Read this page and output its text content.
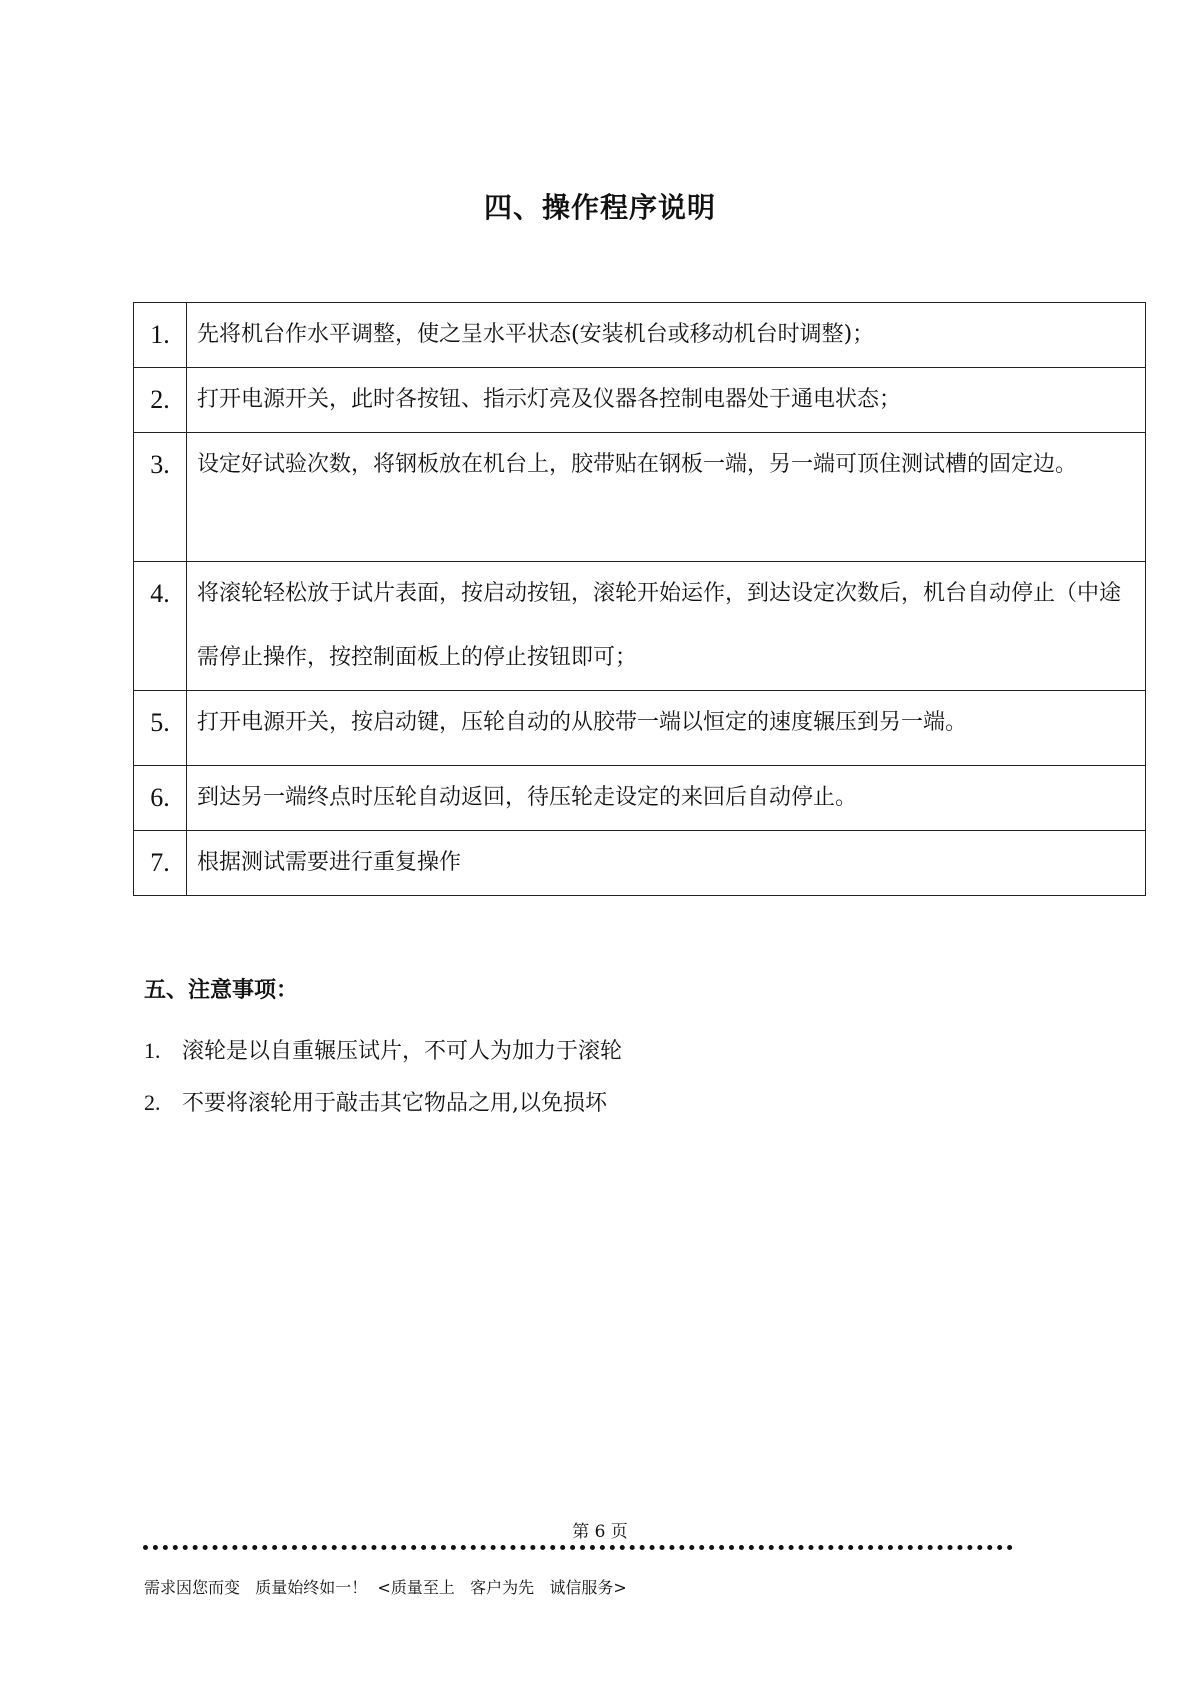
四、操作程序说明
1.	先将机台作水平调整，使之呈水平状态(安装机台或移动机台时调整)；
2.	打开电源开关，此时各按钮、指示灯亮及仪器各控制电器处于通电状态；
3.	设定好试验次数，将钢板放在机台上，胶带贴在钢板一端，另一端可顶住测试槽的固定边。
4.	将滚轮轻松放于试片表面，按启动按钮，滚轮开始运作，到达设定次数后，机台自动停止（中途需停止操作，按控制面板上的停止按钮即可；
5.	打开电源开关，按启动键，压轮自动的从胶带一端以恒定的速度辗压到另一端。
6.	到达另一端终点时压轮自动返回，待压轮走设定的来回后自动停止。
7.	根据测试需要进行重复操作
五、注意事项：
1. 滚轮是以自重辗压试片，不可人为加力于滚轮
2. 不要将滚轮用于敲击其它物品之用,以免损坏

第 6 页

需求因您而变   质量始终如一！  <质量至上   客户为先   诚信服务>
